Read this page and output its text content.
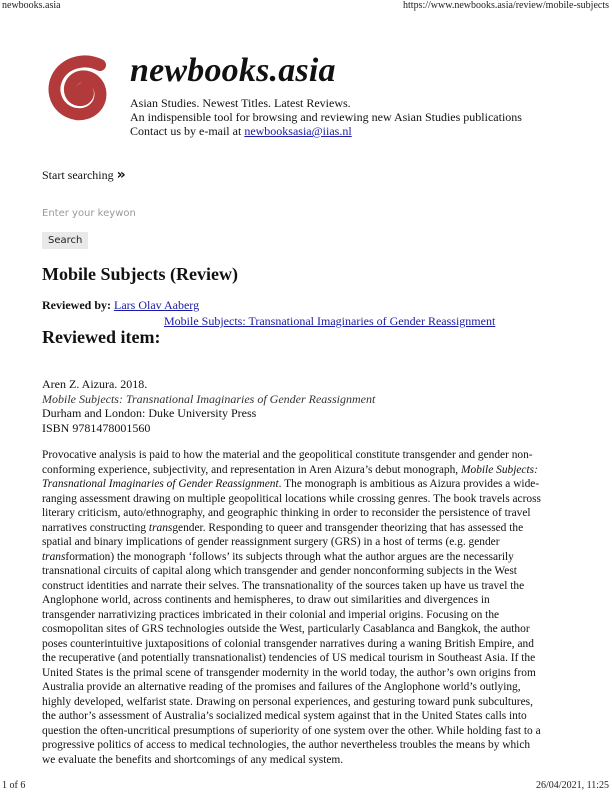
newbooks.asia	https://www.newbooks.asia/review/mobile-subjects
newbooks.asia
Asian Studies. Newest Titles. Latest Reviews.
An indispensible tool for browsing and reviewing new Asian Studies publications
Contact us by e-mail at newbooksasia@iias.nl
Start searching »
Enter your keywon
Search
Mobile Subjects (Review)
Reviewed by: Lars Olav Aaberg
Mobile Subjects: Transnational Imaginaries of Gender Reassignment
Reviewed item:
Aren Z. Aizura. 2018.
Mobile Subjects: Transnational Imaginaries of Gender Reassignment
Durham and London: Duke University Press
ISBN 9781478001560
Provocative analysis is paid to how the material and the geopolitical constitute transgender and gender non-
conforming experience, subjectivity, and representation in Aren Aizura’s debut monograph, Mobile Subjects:
Transnational Imaginaries of Gender Reassignment. The monograph is ambitious as Aizura provides a wide-
ranging assessment drawing on multiple geopolitical locations while crossing genres. The book travels across
literary criticism, auto/ethnography, and geographic thinking in order to reconsider the persistence of travel
narratives constructing transgender. Responding to queer and transgender theorizing that has assessed the
spatial and binary implications of gender reassignment surgery (GRS) in a host of terms (e.g. gender
transformation) the monograph ‘follows’ its subjects through what the author argues are the necessarily
transnational circuits of capital along which transgender and gender nonconforming subjects in the West
construct identities and narrate their selves. The transnationality of the sources taken up have us travel the
Anglophone world, across continents and hemispheres, to draw out similarities and divergences in
transgender narrativizing practices imbricated in their colonial and imperial origins. Focusing on the
cosmopolitan sites of GRS technologies outside the West, particularly Casablanca and Bangkok, the author
poses counterintuitive juxtapositions of colonial transgender narratives during a waning British Empire, and
the recuperative (and potentially transnationalist) tendencies of US medical tourism in Southeast Asia. If the
United States is the primal scene of transgender modernity in the world today, the author’s own origins from
Australia provide an alternative reading of the promises and failures of the Anglophone world’s outlying,
highly developed, welfarist state. Drawing on personal experiences, and gesturing toward punk subcultures,
the author’s assessment of Australia’s socialized medical system against that in the United States calls into
question the often-uncritical presumptions of superiority of one system over the other. While holding fast to a
progressive politics of access to medical technologies, the author nevertheless troubles the means by which
we evaluate the benefits and shortcomings of any medical system.
1 of 6	26/04/2021, 11:25
